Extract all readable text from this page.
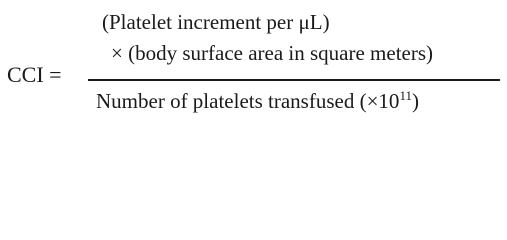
CCI =
(Platelet increment per μL)
× (body surface area in square meters)
Number of platelets transfused $(\times 10^{11})$
